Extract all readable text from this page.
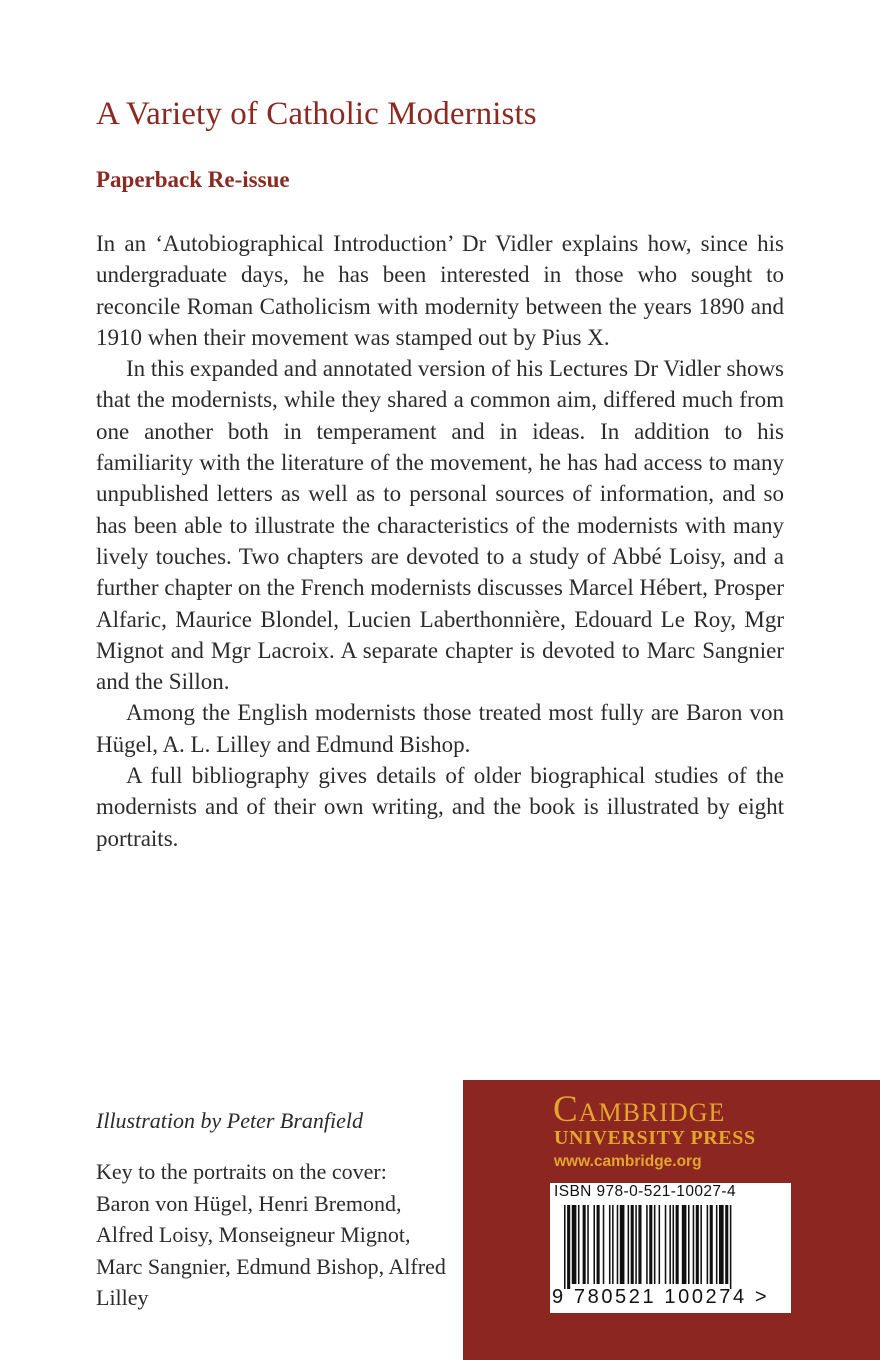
A Variety of Catholic Modernists
Paperback Re-issue

In an ‘Autobiographical Introduction’ Dr Vidler explains how, since his undergraduate days, he has been interested in those who sought to reconcile Roman Catholicism with modernity between the years 1890 and 1910 when their movement was stamped out by Pius X.

In this expanded and annotated version of his Lectures Dr Vidler shows that the modernists, while they shared a common aim, differed much from one another both in temperament and in ideas. In addition to his familiarity with the literature of the movement, he has had access to many unpublished letters as well as to personal sources of information, and so has been able to illustrate the characteristics of the modernists with many lively touches. Two chapters are devoted to a study of Abbé Loisy, and a further chapter on the French modernists discusses Marcel Hébert, Prosper Alfaric, Maurice Blondel, Lucien Laberthonnière, Edouard Le Roy, Mgr Mignot and Mgr Lacroix. A separate chapter is devoted to Marc Sangnier and the Sillon.

Among the English modernists those treated most fully are Baron von Hügel, A. L. Lilley and Edmund Bishop.

A full bibliography gives details of older biographical studies of the modernists and of their own writing, and the book is illustrated by eight portraits.

Illustration by Peter Branfield
Key to the portraits on the cover:
Baron von Hügel, Henri Bremond, Alfred Loisy, Monseigneur Mignot, Marc Sangnier, Edmund Bishop, Alfred Lilley
Cambridge
UNIVERSITY PRESS
www.cambridge.org
ISBN 978-0-521-10027-4
9 780521 100274 >
